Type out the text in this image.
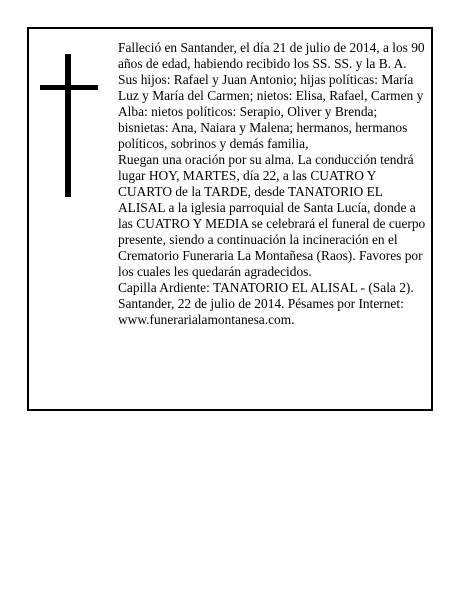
Falleció en Santander, el día 21 de julio de 2014, a los 90 años de edad, habiendo recibido los SS. SS. y la B. A.
Sus hijos: Rafael y Juan Antonio; hijas políticas: María Luz y María del Carmen; nietos: Elisa, Rafael, Carmen y Alba: nietos políticos: Serapio, Oliver y Brenda; bisnietas: Ana, Naiara y Malena; hermanos, hermanos políticos, sobrinos y demás familia,
Ruegan una oración por su alma. La conducción tendrá lugar HOY, MARTES, día 22, a las CUATRO Y CUARTO de la TARDE, desde TANATORIO EL ALISAL a la iglesia parroquial de Santa Lucía, donde a las CUATRO Y MEDIA se celebrará el funeral de cuerpo presente, siendo a continuación la incineración en el Crematorio Funeraria La Montañesa (Raos). Favores por los cuales les quedarán agradecidos.
Capilla Ardiente: TANATORIO EL ALISAL - (Sala 2). Santander, 22 de julio de 2014. Pésames por Internet: www.funerarialamontanesa.com.
